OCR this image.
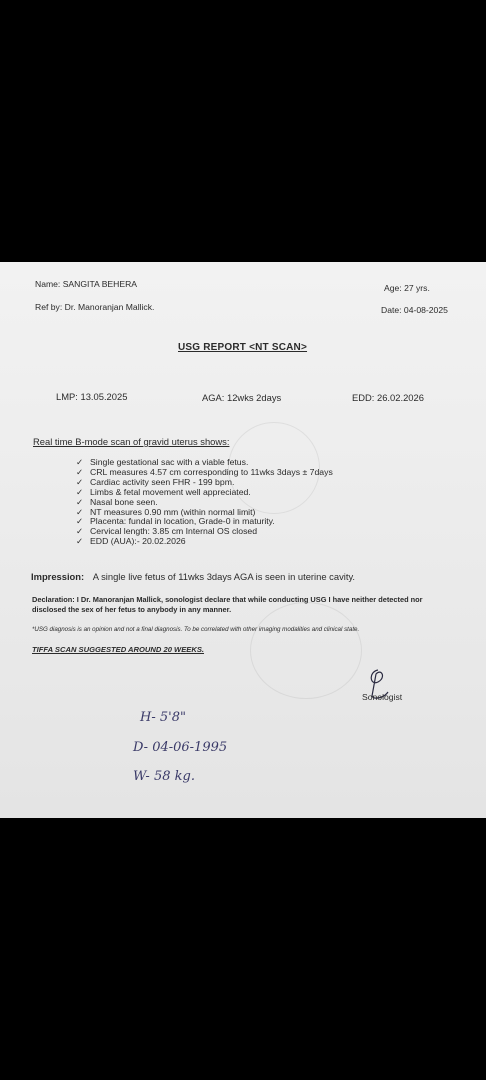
Name: SANGITA BEHERA
Ref by: Dr. Manoranjan Mallick.
Age: 27 yrs.
Date: 04-08-2025
USG REPORT <NT SCAN>
LMP: 13.05.2025	AGA: 12wks 2days	EDD: 26.02.2026
Real time B-mode scan of gravid uterus shows:
✓ Single gestational sac with a viable fetus.
✓ CRL measures 4.57 cm corresponding to 11wks 3days ± 7days
✓ Cardiac activity seen FHR - 199 bpm.
✓ Limbs & fetal movement well appreciated.
✓ Nasal bone seen.
✓ NT measures 0.90 mm (within normal limit)
✓ Placenta: fundal in location, Grade-0 in maturity.
✓ Cervical length: 3.85 cm Internal OS closed
✓ EDD (AUA):- 20.02.2026
Impression: A single live fetus of 11wks 3days AGA is seen in uterine cavity.
Declaration: I Dr. Manoranjan Mallick, sonologist declare that while conducting USG I have neither detected nor
disclosed the sex of her fetus to anybody in any manner.
*USG diagnosis is an opinion and not a final diagnosis. To be correlated with other imaging modalities and clinical state.
TIFFA SCAN SUGGESTED AROUND 20 WEEKS.
Sonologist
H- 5'8"
D- 04-06-1995
W- 58 kg.
